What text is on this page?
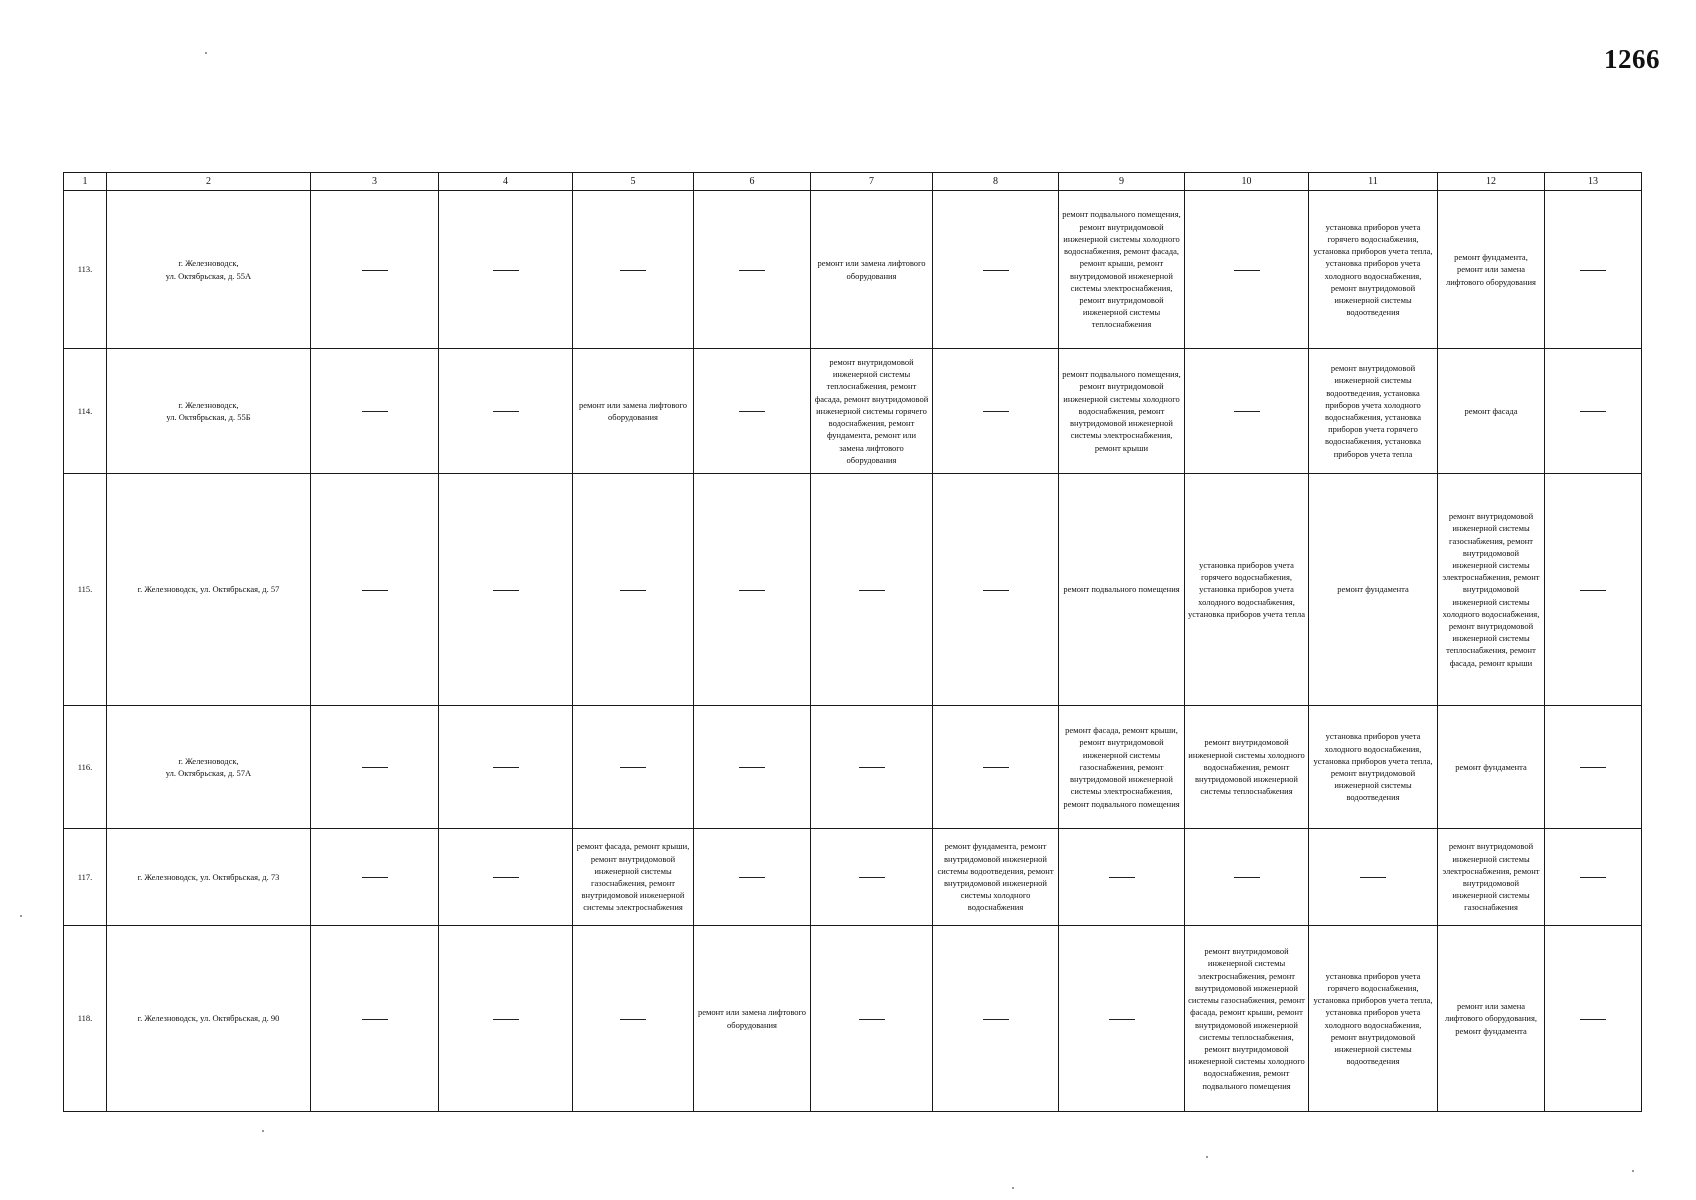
1266
1	2	3	4	5	6	7	8	9	10	11	12	13
113.	г. Железноводск,
ул. Октябрьская, д. 55А					ремонт или замена лифтового оборудования		ремонт подвального помещения, ремонт внутридомовой инженерной системы холодного водоснабжения, ремонт фасада, ремонт крыши, ремонт внутридомовой инженерной системы электроснабжения, ремонт внутридомовой инженерной системы теплоснабжения		установка приборов учета горячего водоснабжения, установка приборов учета тепла, установка приборов учета холодного водоснабжения, ремонт внутридомовой инженерной системы водоотведения	ремонт фундамента, ремонт или замена лифтового оборудования	
114.	г. Железноводск,
ул. Октябрьская, д. 55Б			ремонт или замена лифтового оборудования		ремонт внутридомовой инженерной системы теплоснабжения, ремонт фасада, ремонт внутридомовой инженерной системы горячего водоснабжения, ремонт фундамента, ремонт или замена лифтового оборудования		ремонт подвального помещения, ремонт внутридомовой инженерной системы холодного водоснабжения, ремонт внутридомовой инженерной системы электроснабжения, ремонт крыши		ремонт внутридомовой инженерной системы водоотведения, установка приборов учета холодного водоснабжения, установка приборов учета горячего водоснабжения, установка приборов учета тепла	ремонт фасада	
115.	г. Железноводск, ул. Октябрьская, д. 57							ремонт подвального помещения	установка приборов учета горячего водоснабжения, установка приборов учета холодного водоснабжения, установка приборов учета тепла	ремонт фундамента	ремонт внутридомовой инженерной системы газоснабжения, ремонт внутридомовой инженерной системы электроснабжения, ремонт внутридомовой инженерной системы холодного водоснабжения, ремонт внутридомовой инженерной системы теплоснабжения, ремонт фасада, ремонт крыши	
116.	г. Железноводск,
ул. Октябрьская, д. 57А							ремонт фасада, ремонт крыши, ремонт внутридомовой инженерной системы газоснабжения, ремонт внутридомовой инженерной системы электроснабжения, ремонт подвального помещения	ремонт внутридомовой инженерной системы холодного водоснабжения, ремонт внутридомовой инженерной системы теплоснабжения	установка приборов учета холодного водоснабжения, установка приборов учета тепла, ремонт внутридомовой инженерной системы водоотведения	ремонт фундамента	
117.	г. Железноводск, ул. Октябрьская, д. 73			ремонт фасада, ремонт крыши, ремонт внутридомовой инженерной системы газоснабжения, ремонт внутридомовой инженерной системы электроснабжения			ремонт фундамента, ремонт внутридомовой инженерной системы водоотведения, ремонт внутридомовой инженерной системы холодного водоснабжения				ремонт внутридомовой инженерной системы электроснабжения, ремонт внутридомовой инженерной системы газоснабжения	
118.	г. Железноводск, ул. Октябрьская, д. 90				ремонт или замена лифтового оборудования				ремонт внутридомовой инженерной системы электроснабжения, ремонт внутридомовой инженерной системы газоснабжения, ремонт фасада, ремонт крыши, ремонт внутридомовой инженерной системы теплоснабжения, ремонт внутридомовой инженерной системы холодного водоснабжения, ремонт подвального помещения	установка приборов учета горячего водоснабжения, установка приборов учета тепла, установка приборов учета холодного водоснабжения, ремонт внутридомовой инженерной системы водоотведения	ремонт или замена лифтового оборудования, ремонт фундамента	
